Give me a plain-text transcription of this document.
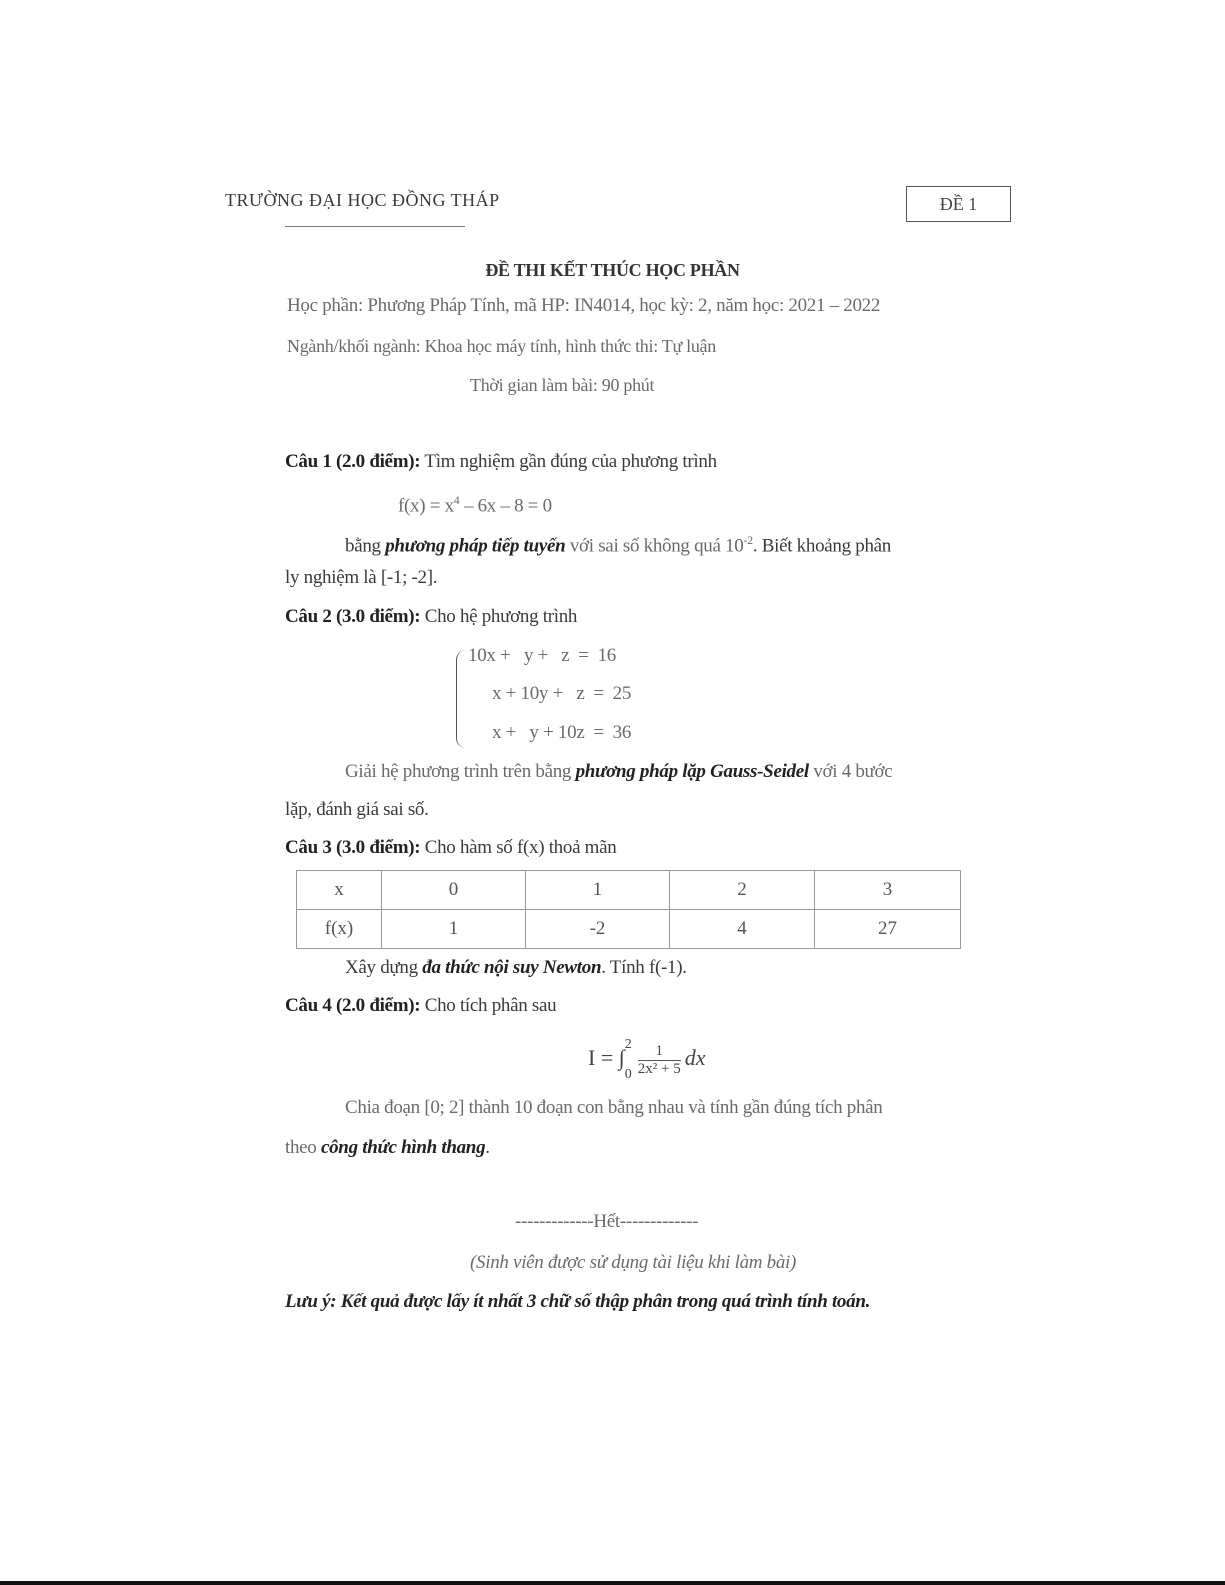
TRƯỜNG ĐẠI HỌC ĐỒNG THÁP	ĐỀ 1
ĐỀ THI KẾT THÚC HỌC PHẦN
Học phần: Phương Pháp Tính, mã HP: IN4014, học kỳ: 2, năm học: 2021 – 2022
Ngành/khối ngành: Khoa học máy tính, hình thức thi: Tự luận
Thời gian làm bài: 90 phút
Câu 1 (2.0 điểm): Tìm nghiệm gần đúng của phương trình
$f(x) = x^4 - 6x - 8 = 0$
bằng phương pháp tiếp tuyến với sai số không quá $10^{-2}$. Biết khoảng phân
ly nghiệm là [-1; -2].
Câu 2 (3.0 điểm): Cho hệ phương trình
10x +   y +   z  =  16
x + 10y +   z  =  25
x +   y + 10z  =  36
Giải hệ phương trình trên bằng phương pháp lặp Gauss-Seidel với 4 bước
lặp, đánh giá sai số.
Câu 3 (3.0 điểm): Cho hàm số f(x) thoả mãn
x	0	1	2	3
f(x)	1	-2	4	27
Xây dựng đa thức nội suy Newton. Tính f(-1).
Câu 4 (2.0 điểm): Cho tích phân sau
I = ∫
2
$0 \frac{1}{\text{2x² + 5}}$ dx
Chia đoạn [0; 2] thành 10 đoạn con bằng nhau và tính gần đúng tích phân
theo công thức hình thang.
-------------Hết-------------
(Sinh viên được sử dụng tài liệu khi làm bài)
Lưu ý: Kết quả được lấy ít nhất 3 chữ số thập phân trong quá trình tính toán.
